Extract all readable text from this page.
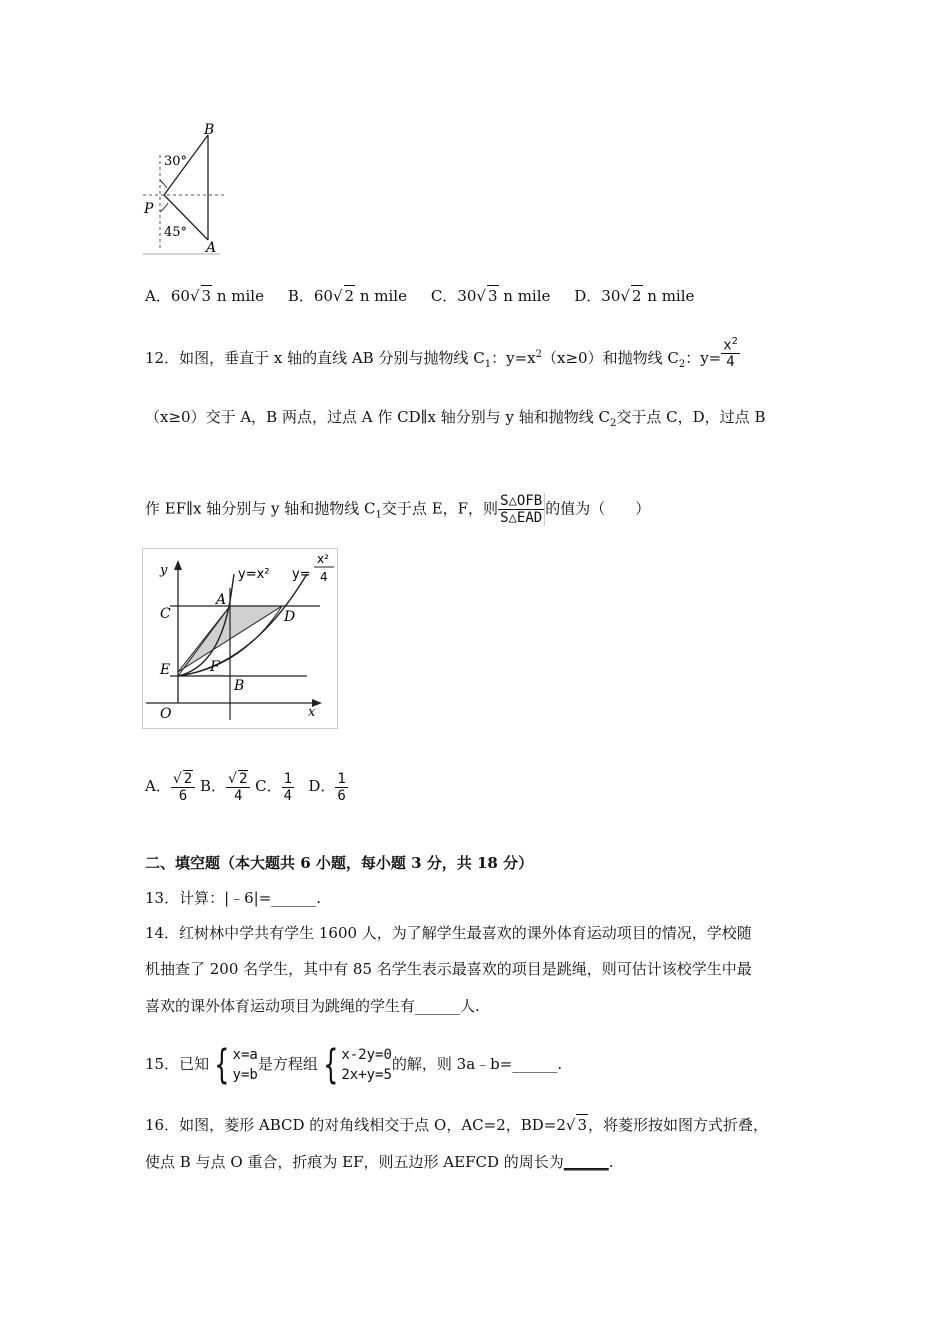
B
P
A
30°
45°
A．60√ 3 n mile B．60√ 2 n mile C．30√ 3 n mile D．30√ 2 n mile
12．如图，垂直于 x 轴的直线 AB 分别与抛物线 $C_1$：$y=x^2(x\ge 0)$和抛物线 $C_2$：$y= \frac{x^2}{4}$
（x≥0）交于 A，B 两点，过点 A 作 CD∥x 轴分别与 y 轴和抛物线 $C_2$交于点 C，D，过点 B
作 EF∥x 轴分别与 y 轴和抛物线 $C_1$交于点 E，F，则 $\frac{\text{S△OFB}}{\text{S△EAD}}$ 的值为（　　）
y
x
O
C
E
A
D
F
B
y=x² y=
x²
4
A． $\frac{√ 2}{6}$ B． $\frac{√ 2}{4}$ C． $\frac{1}{4}$ D． $\frac{1}{6}$
二、填空题（本大题共 6 小题，每小题 3 分，共 18 分）
13．计算：|﹣6|=______.
14．红树林中学共有学生 1600 人，为了解学生最喜欢的课外体育运动项目的情况，学校随
机抽查了 200 名学生，其中有 85 名学生表示最喜欢的项目是跳绳，则可估计该校学生中最
喜欢的课外体育运动项目为跳绳的学生有______人.
15．已知 { x=a
y=b
是方程组 { x-2y=0
2x+y=5
的解，则 3a﹣b=______.
16．如图，菱形 ABCD 的对角线相交于点 O，AC=2，BD=2√ 3，将菱形按如图方式折叠，
使点 B 与点 O 重合，折痕为 EF，则五边形 AEFCD 的周长为______.
